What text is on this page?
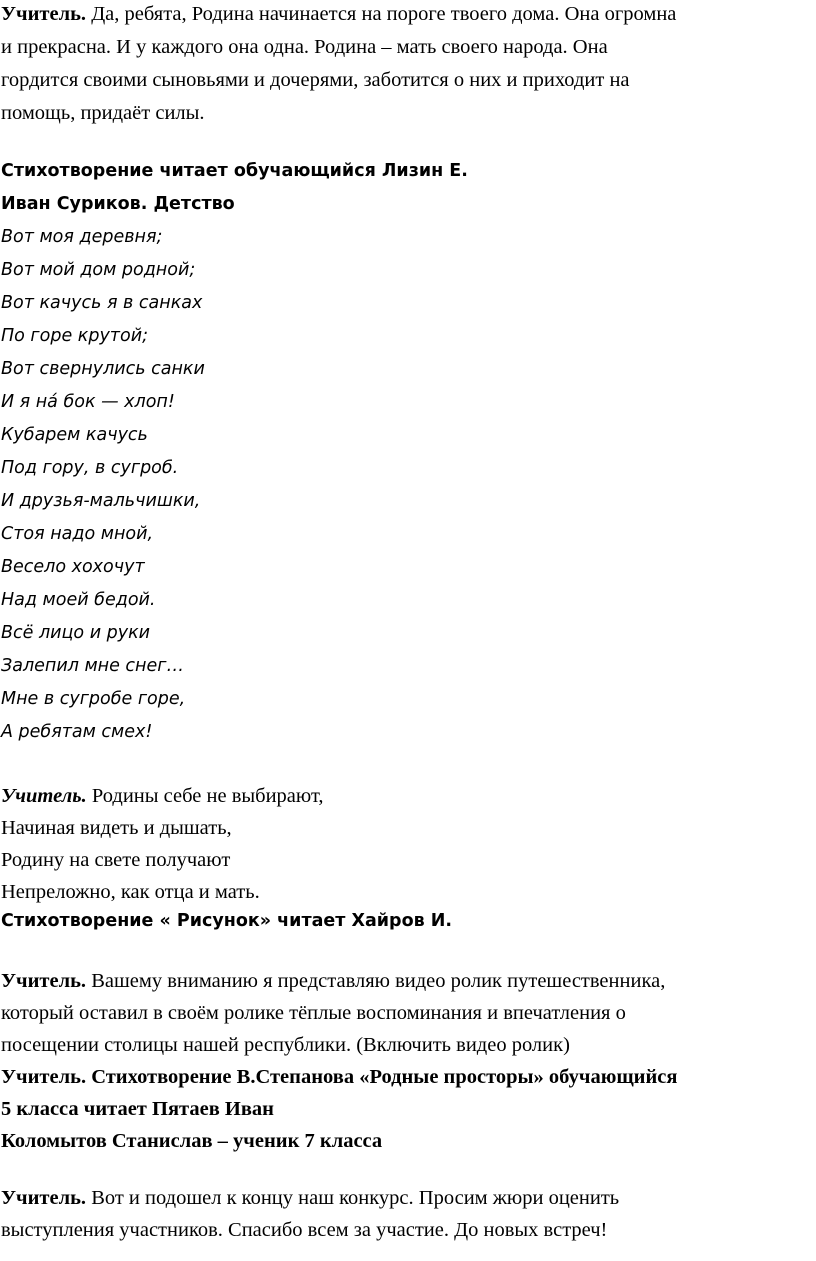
Учитель. Да, ребята, Родина начинается на пороге твоего дома. Она огромна
и прекрасна. И у каждого она одна. Родина – мать своего народа. Она
гордится своими сыновьями и дочерями, заботится о них и приходит на
помощь, придаёт силы.
Стихотворение читает обучающийся Лизин Е.
Иван Суриков. Детство
Вот моя деревня;
Вот мой дом родной;
Вот качусь я в санках
По горе крутой;
Вот свернулись санки
И я нá бок — хлоп!
Кубарем качусь
Под гору, в сугроб.
И друзья-мальчишки,
Стоя надо мной,
Весело хохочут
Над моей бедой.
Всё лицо и руки
Залепил мне снег…
Мне в сугробе горе,
А ребятам смех!
Учитель. Родины себе не выбирают,
Начиная видеть и дышать,
Родину на свете получают
Непреложно, как отца и мать.
Стихотворение « Рисунок» читает Хайров И.
Учитель. Вашему вниманию я представляю видео ролик путешественника,
который оставил в своём ролике тёплые воспоминания и впечатления о
посещении столицы нашей республики. (Включить видео ролик)
Учитель. Стихотворение В.Степанова «Родные просторы» обучающийся
5 класса читает Пятаев Иван
Коломытов Станислав – ученик 7 класса
Учитель. Вот и подошел к концу наш конкурс. Просим жюри оценить
выступления участников. Спасибо всем за участие. До новых встреч!
